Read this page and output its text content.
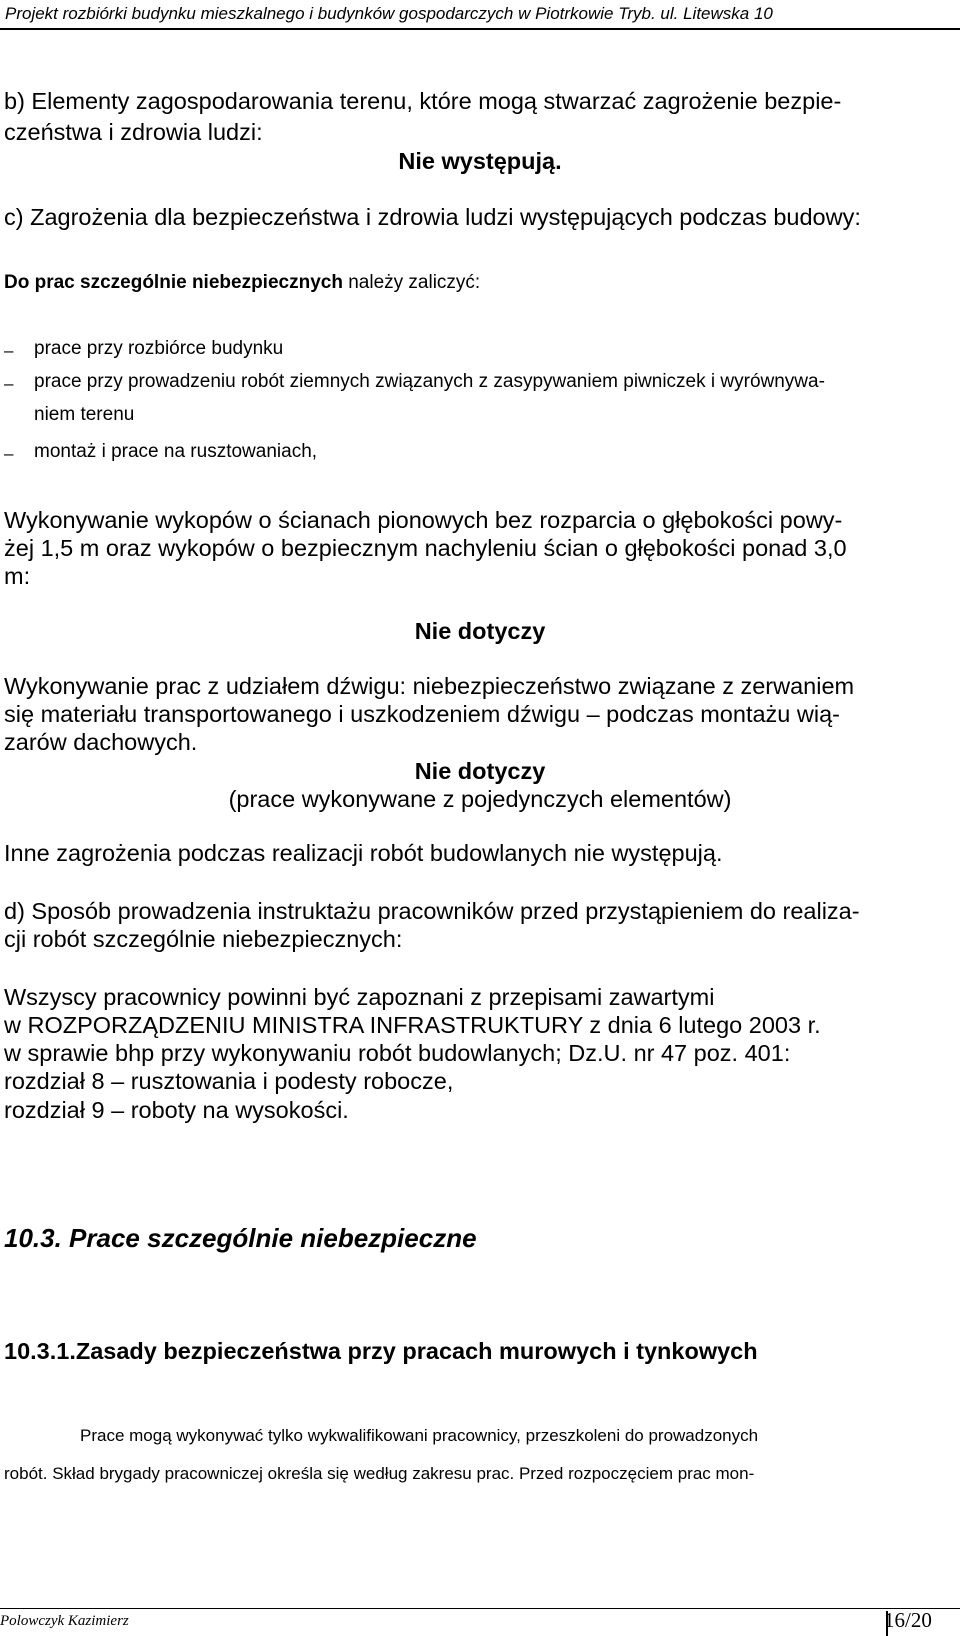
Projekt rozbiórki budynku mieszkalnego i budynków gospodarczych w Piotrkowie Tryb. ul. Litewska 10
b) Elementy zagospodarowania terenu, które mogą stwarzać zagrożenie bezpie-
czeństwa i zdrowia ludzi:
Nie występują.
c) Zagrożenia dla bezpieczeństwa i zdrowia ludzi występujących podczas budowy:
Do prac szczególnie niebezpiecznych należy zaliczyć:
– prace przy rozbiórce budynku
– prace przy prowadzeniu robót ziemnych związanych z zasypywaniem piwniczek i wyrównywa-
niem terenu
– montaż i prace na rusztowaniach,
Wykonywanie wykopów o ścianach pionowych bez rozparcia o głębokości powy-
żej 1,5 m oraz wykopów o bezpiecznym nachyleniu ścian o głębokości ponad 3,0
m:
Nie dotyczy
Wykonywanie prac z udziałem dźwigu: niebezpieczeństwo związane z zerwaniem
się materiału transportowanego i uszkodzeniem dźwigu – podczas montażu wią-
zarów dachowych.
Nie dotyczy
(prace wykonywane z pojedynczych elementów)
Inne zagrożenia podczas realizacji robót budowlanych nie występują.
d) Sposób prowadzenia instruktażu pracowników przed przystąpieniem do realiza-
cji robót szczególnie niebezpiecznych:
Wszyscy pracownicy powinni być zapoznani z przepisami zawartymi
w ROZPORZĄDZENIU MINISTRA INFRASTRUKTURY z dnia 6 lutego 2003 r.
w sprawie bhp przy wykonywaniu robót budowlanych; Dz.U. nr 47 poz. 401:
rozdział 8 – rusztowania i podesty robocze,
rozdział 9 – roboty na wysokości.
10.3. Prace szczególnie niebezpieczne
10.3.1.Zasady bezpieczeństwa przy pracach murowych i tynkowych
Prace mogą wykonywać tylko wykwalifikowani pracownicy, przeszkoleni do prowadzonych
robót. Skład brygady pracowniczej określa się według zakresu prac. Przed rozpoczęciem prac mon-
Polowczyk Kazimierz	16/20
